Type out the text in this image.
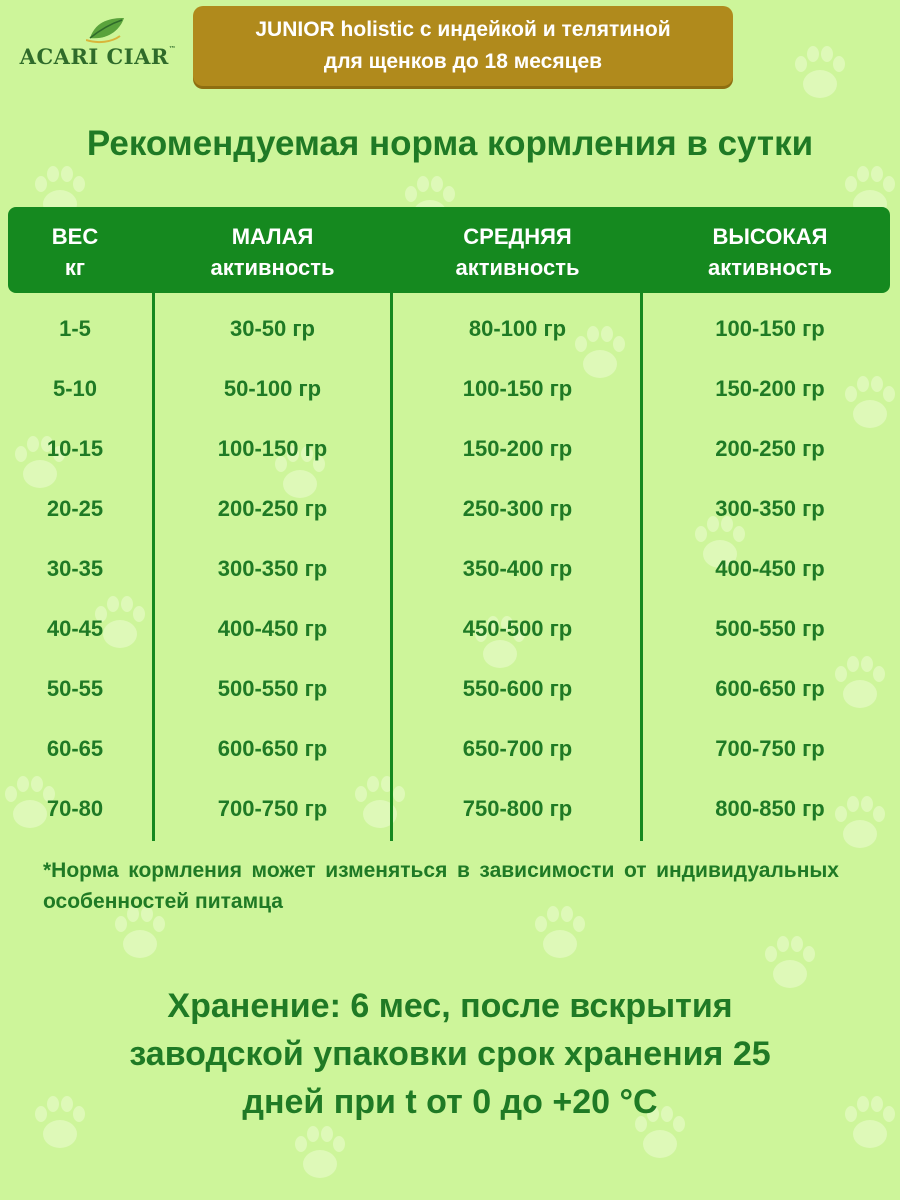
ACARI CIAR™
JUNIOR holistic с индейкой и телятиной
для щенков до 18 месяцев
Рекомендуемая норма кормления в сутки
ВЕС
кг
МАЛАЯ
активность
СРЕДНЯЯ
активность
ВЫСОКАЯ
активность
1-5	30-50 гр	80-100 гр	100-150 гр
5-10	50-100 гр	100-150 гр	150-200 гр
10-15	100-150 гр	150-200 гр	200-250 гр
20-25	200-250 гр	250-300 гр	300-350 гр
30-35	300-350 гр	350-400 гр	400-450 гр
40-45	400-450 гр	450-500 гр	500-550 гр
50-55	500-550 гр	550-600 гр	600-650 гр
60-65	600-650 гр	650-700 гр	700-750 гр
70-80	700-750 гр	750-800 гр	800-850 гр
*Норма кормления может изменяться в зависимости от индивидуальных особенностей питамца
Хранение: 6 мес, после вскрытия
заводской упаковки срок хранения 25
дней при t от 0 до +20 °С
